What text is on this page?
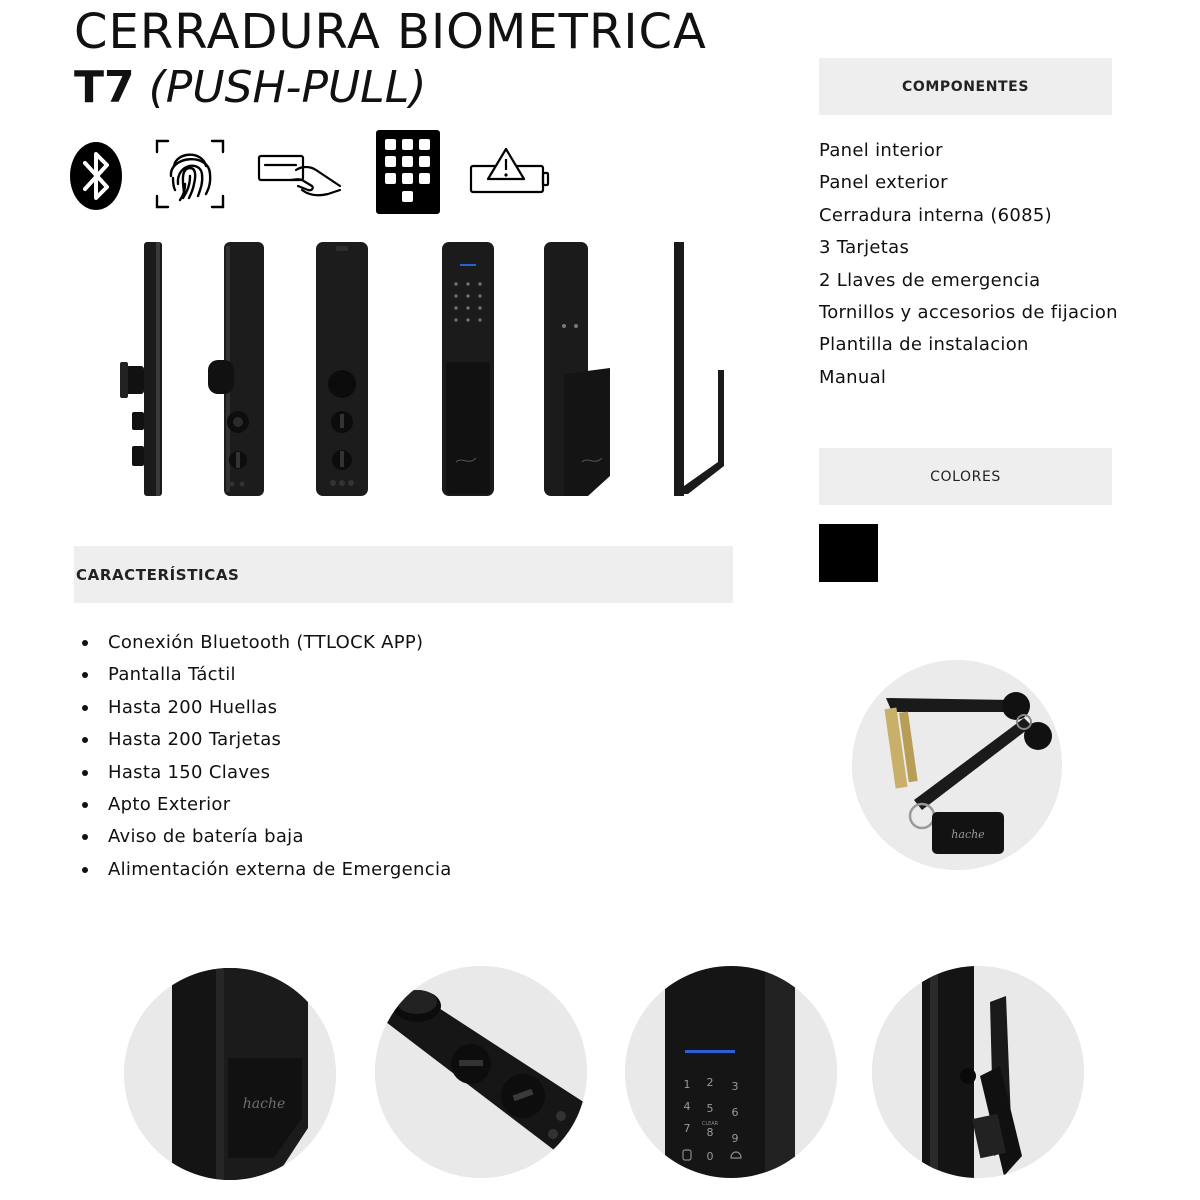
CERRADURA BIOMETRICA
T7 (PUSH-PULL)
CARACTERÍSTICAS
Conexión Bluetooth (TTLOCK APP)
Pantalla Táctil
Hasta 200 Huellas
Hasta 200 Tarjetas
Hasta 150 Claves
Apto Exterior
Aviso de batería baja
Alimentación externa de Emergencia
COMPONENTES
Panel interior
Panel exterior
Cerradura interna (6085)
3 Tarjetas
2 Llaves de emergencia
Tornillos y accesorios de fijacion
Plantilla de instalacion
Manual
COLORES
hache
hache
1 2 3
4 5 6
7 8 9
0
CLEAR
